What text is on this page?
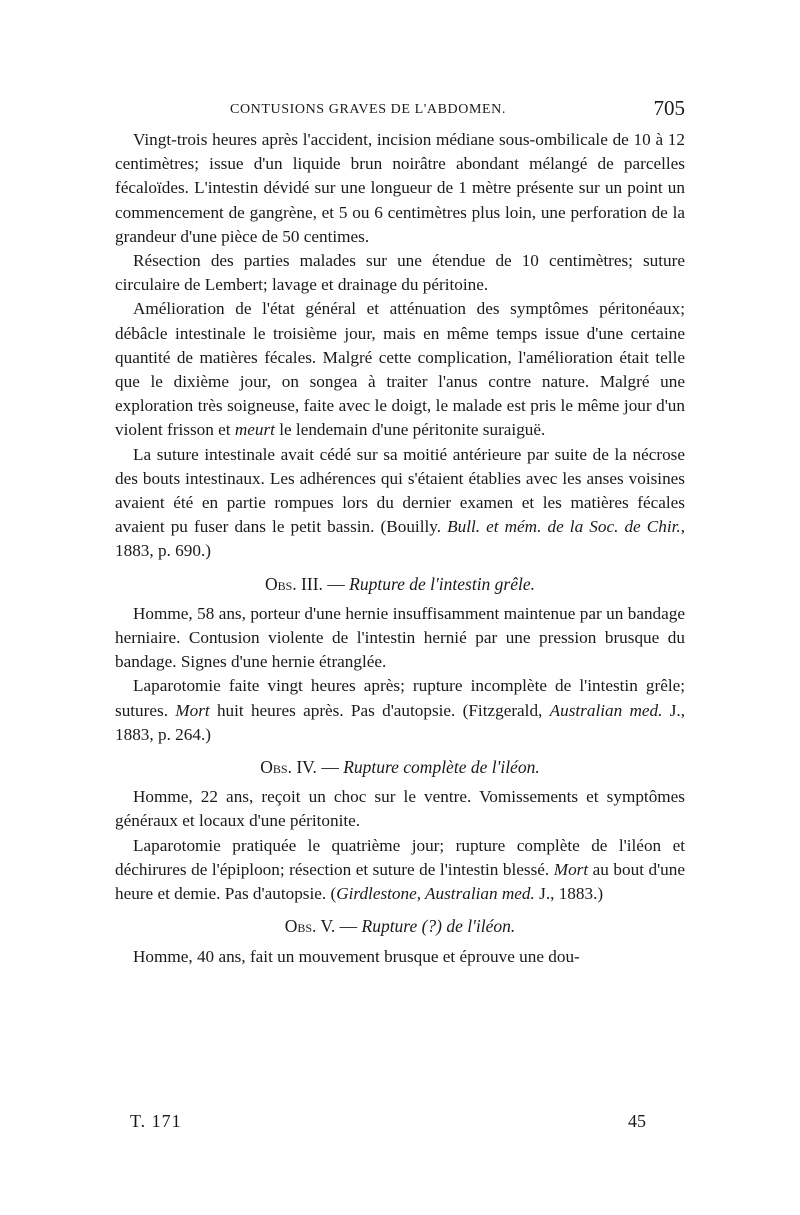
CONTUSIONS GRAVES DE L'ABDOMEN.	705

Vingt-trois heures après l'accident, incision médiane sous-ombilicale de 10 à 12 centimètres; issue d'un liquide brun noirâtre abondant mélangé de parcelles fécaloïdes. L'intestin dévidé sur une longueur de 1 mètre présente sur un point un commencement de gangrène, et 5 ou 6 centimètres plus loin, une perforation de la grandeur d'une pièce de 50 centimes.

Résection des parties malades sur une étendue de 10 centimètres; suture circulaire de Lembert; lavage et drainage du péritoine.

Amélioration de l'état général et atténuation des symptômes péritonéaux; débâcle intestinale le troisième jour, mais en même temps issue d'une certaine quantité de matières fécales. Malgré cette complication, l'amélioration était telle que le dixième jour, on songea à traiter l'anus contre nature. Malgré une exploration très soigneuse, faite avec le doigt, le malade est pris le même jour d'un violent frisson et meurt le lendemain d'une péritonite suraiguë.

La suture intestinale avait cédé sur sa moitié antérieure par suite de la nécrose des bouts intestinaux. Les adhérences qui s'étaient établies avec les anses voisines avaient été en partie rompues lors du dernier examen et les matières fécales avaient pu fuser dans le petit bassin. (Bouilly. Bull. et mém. de la Soc. de Chir., 1883, p. 690.)

Obs. III. — Rupture de l'intestin grêle.

Homme, 58 ans, porteur d'une hernie insuffisamment maintenue par un bandage herniaire. Contusion violente de l'intestin hernié par une pression brusque du bandage. Signes d'une hernie étranglée.

Laparotomie faite vingt heures après; rupture incomplète de l'intestin grêle; sutures. Mort huit heures après. Pas d'autopsie. (Fitzgerald, Australian med. J., 1883, p. 264.)

Obs. IV. — Rupture complète de l'iléon.

Homme, 22 ans, reçoit un choc sur le ventre. Vomissements et symptômes généraux et locaux d'une péritonite.

Laparotomie pratiquée le quatrième jour; rupture complète de l'iléon et déchirures de l'épiploon; résection et suture de l'intestin blessé. Mort au bout d'une heure et demie. Pas d'autopsie. (Girdlestone, Australian med. J., 1883.)

Obs. V. — Rupture (?) de l'iléon.

Homme, 40 ans, fait un mouvement brusque et éprouve une dou-

T. 171	45
